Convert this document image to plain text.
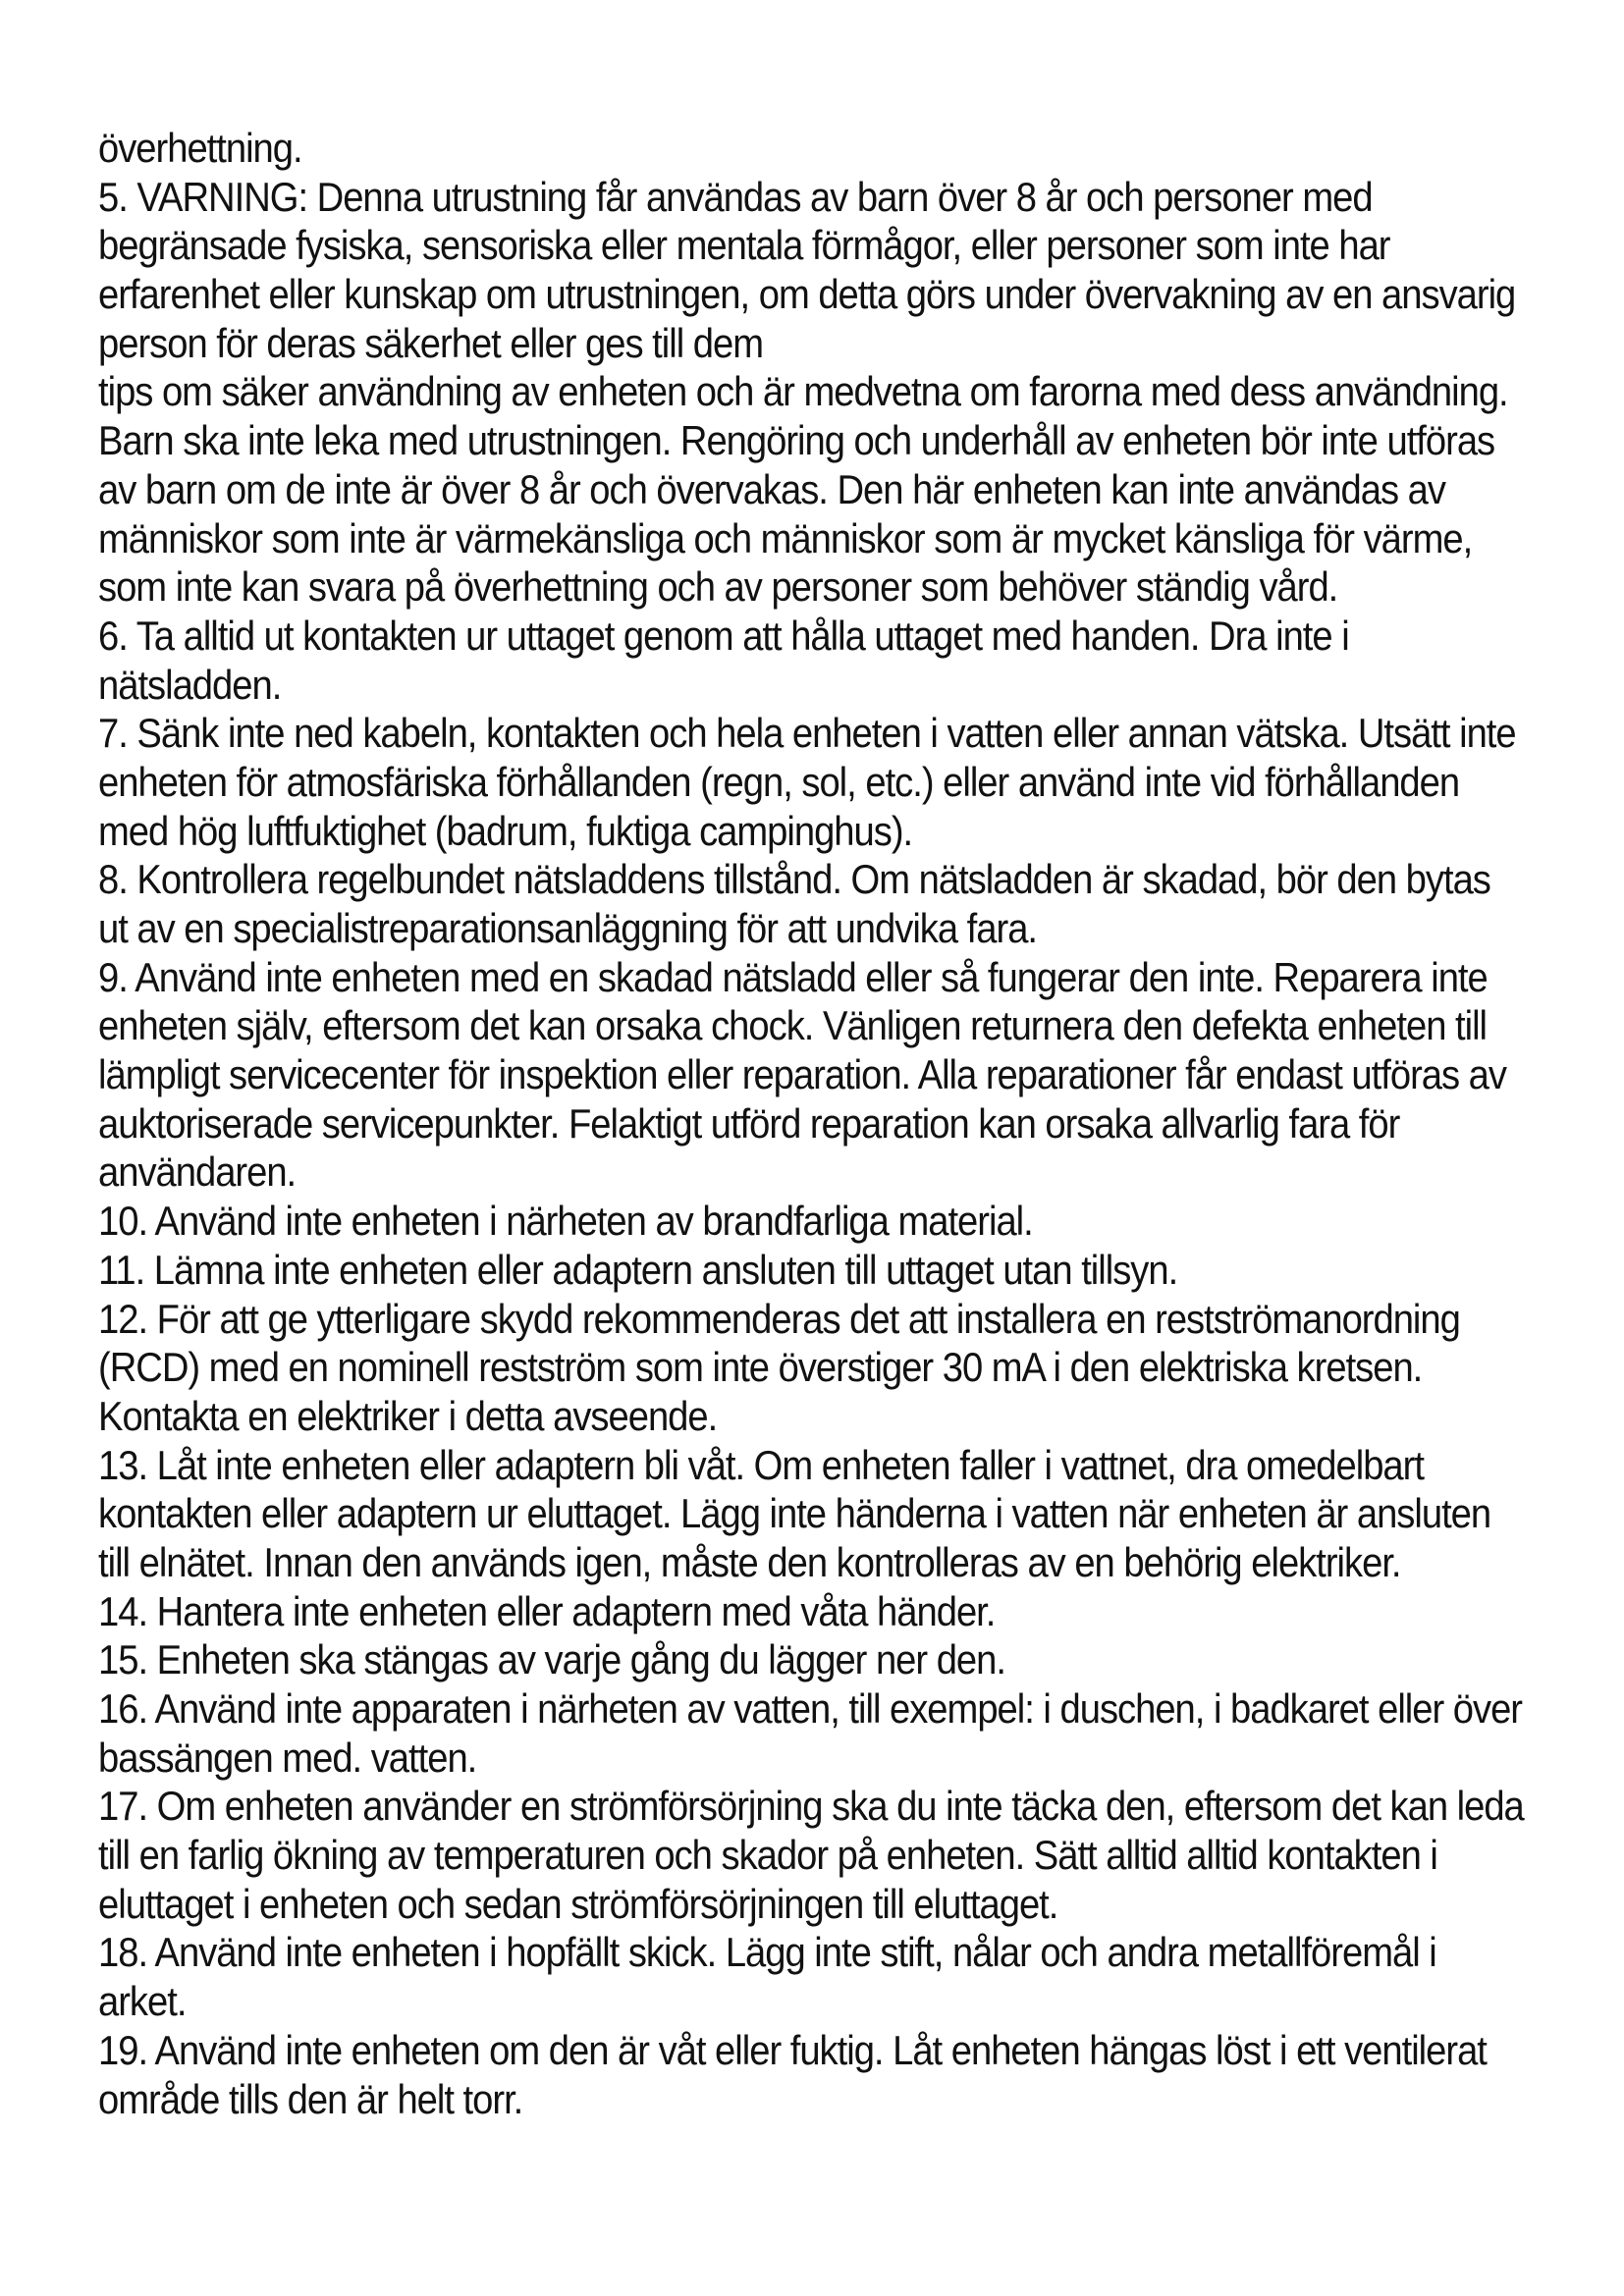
överhettning.
5. VARNING: Denna utrustning får användas av barn över 8 år och personer med
begränsade fysiska, sensoriska eller mentala förmågor, eller personer som inte har
erfarenhet eller kunskap om utrustningen, om detta görs under övervakning av en ansvarig
person för deras säkerhet eller ges till dem
tips om säker användning av enheten och är medvetna om farorna med dess användning.
Barn ska inte leka med utrustningen. Rengöring och underhåll av enheten bör inte utföras
av barn om de inte är över 8 år och övervakas. Den här enheten kan inte användas av
människor som inte är värmekänsliga och människor som är mycket känsliga för värme,
som inte kan svara på överhettning och av personer som behöver ständig vård.
6. Ta alltid ut kontakten ur uttaget genom att hålla uttaget med handen. Dra inte i
nätsladden.
7. Sänk inte ned kabeln, kontakten och hela enheten i vatten eller annan vätska. Utsätt inte
enheten för atmosfäriska förhållanden (regn, sol, etc.) eller använd inte vid förhållanden
med hög luftfuktighet (badrum, fuktiga campinghus).
8. Kontrollera regelbundet nätsladdens tillstånd. Om nätsladden är skadad, bör den bytas
ut av en specialistreparationsanläggning för att undvika fara.
9. Använd inte enheten med en skadad nätsladd eller så fungerar den inte. Reparera inte
enheten själv, eftersom det kan orsaka chock. Vänligen returnera den defekta enheten till
lämpligt servicecenter för inspektion eller reparation. Alla reparationer får endast utföras av
auktoriserade servicepunkter. Felaktigt utförd reparation kan orsaka allvarlig fara för
användaren.
10. Använd inte enheten i närheten av brandfarliga material.
11. Lämna inte enheten eller adaptern ansluten till uttaget utan tillsyn.
12. För att ge ytterligare skydd rekommenderas det att installera en restströmanordning
(RCD) med en nominell restström som inte överstiger 30 mA i den elektriska kretsen.
Kontakta en elektriker i detta avseende.
13. Låt inte enheten eller adaptern bli våt. Om enheten faller i vattnet, dra omedelbart
kontakten eller adaptern ur eluttaget. Lägg inte händerna i vatten när enheten är ansluten
till elnätet. Innan den används igen, måste den kontrolleras av en behörig elektriker.
14. Hantera inte enheten eller adaptern med våta händer.
15. Enheten ska stängas av varje gång du lägger ner den.
16. Använd inte apparaten i närheten av vatten, till exempel: i duschen, i badkaret eller över
bassängen med. vatten.
17. Om enheten använder en strömförsörjning ska du inte täcka den, eftersom det kan leda
till en farlig ökning av temperaturen och skador på enheten. Sätt alltid alltid kontakten i
eluttaget i enheten och sedan strömförsörjningen till eluttaget.
18. Använd inte enheten i hopfällt skick. Lägg inte stift, nålar och andra metallföremål i
arket.
19. Använd inte enheten om den är våt eller fuktig. Låt enheten hängas löst i ett ventilerat
område tills den är helt torr.
